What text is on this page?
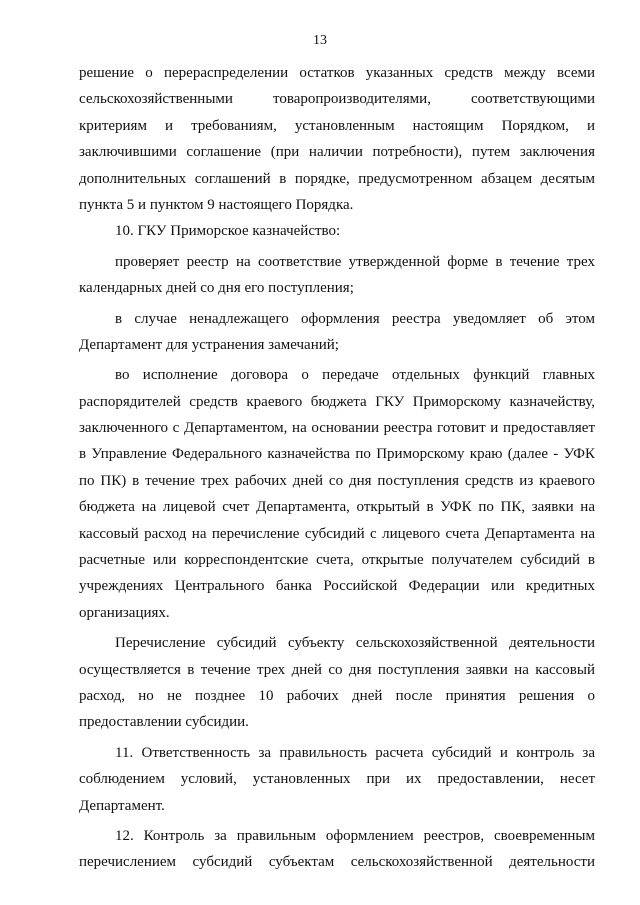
13
решение о перераспределении остатков указанных средств между всеми
сельскохозяйственными товаропроизводителями, соответствующими
критериям и требованиям, установленным настоящим Порядком, и
заключившими соглашение (при наличии потребности), путем заключения
дополнительных соглашений в порядке, предусмотренном абзацем десятым
пункта 5 и пунктом 9 настоящего Порядка.
10. ГКУ Приморское казначейство:
проверяет реестр на соответствие утвержденной форме в течение трех
календарных дней со дня его поступления;
в случае ненадлежащего оформления реестра уведомляет об этом
Департамент для устранения замечаний;
во исполнение договора о передаче отдельных функций главных
распорядителей средств краевого бюджета ГКУ Приморскому казначейству,
заключенного с Департаментом, на основании реестра готовит и предоставляет
в Управление Федерального казначейства по Приморскому краю (далее - УФК
по ПК) в течение трех рабочих дней со дня поступления средств из краевого
бюджета на лицевой счет Департамента, открытый в УФК по ПК, заявки на
кассовый расход на перечисление субсидий с лицевого счета Департамента на
расчетные или корреспондентские счета, открытые получателем субсидий в
учреждениях Центрального банка Российской Федерации или кредитных
организациях.
Перечисление субсидий субъекту сельскохозяйственной деятельности
осуществляется в течение трех дней со дня поступления заявки на кассовый
расход, но не позднее 10 рабочих дней после принятия решения о
предоставлении субсидии.
11. Ответственность за правильность расчета субсидий и контроль за
соблюдением условий, установленных при их предоставлении, несет
Департамент.
12. Контроль за правильным оформлением реестров, своевременным
перечислением субсидий субъектам сельскохозяйственной деятельности
